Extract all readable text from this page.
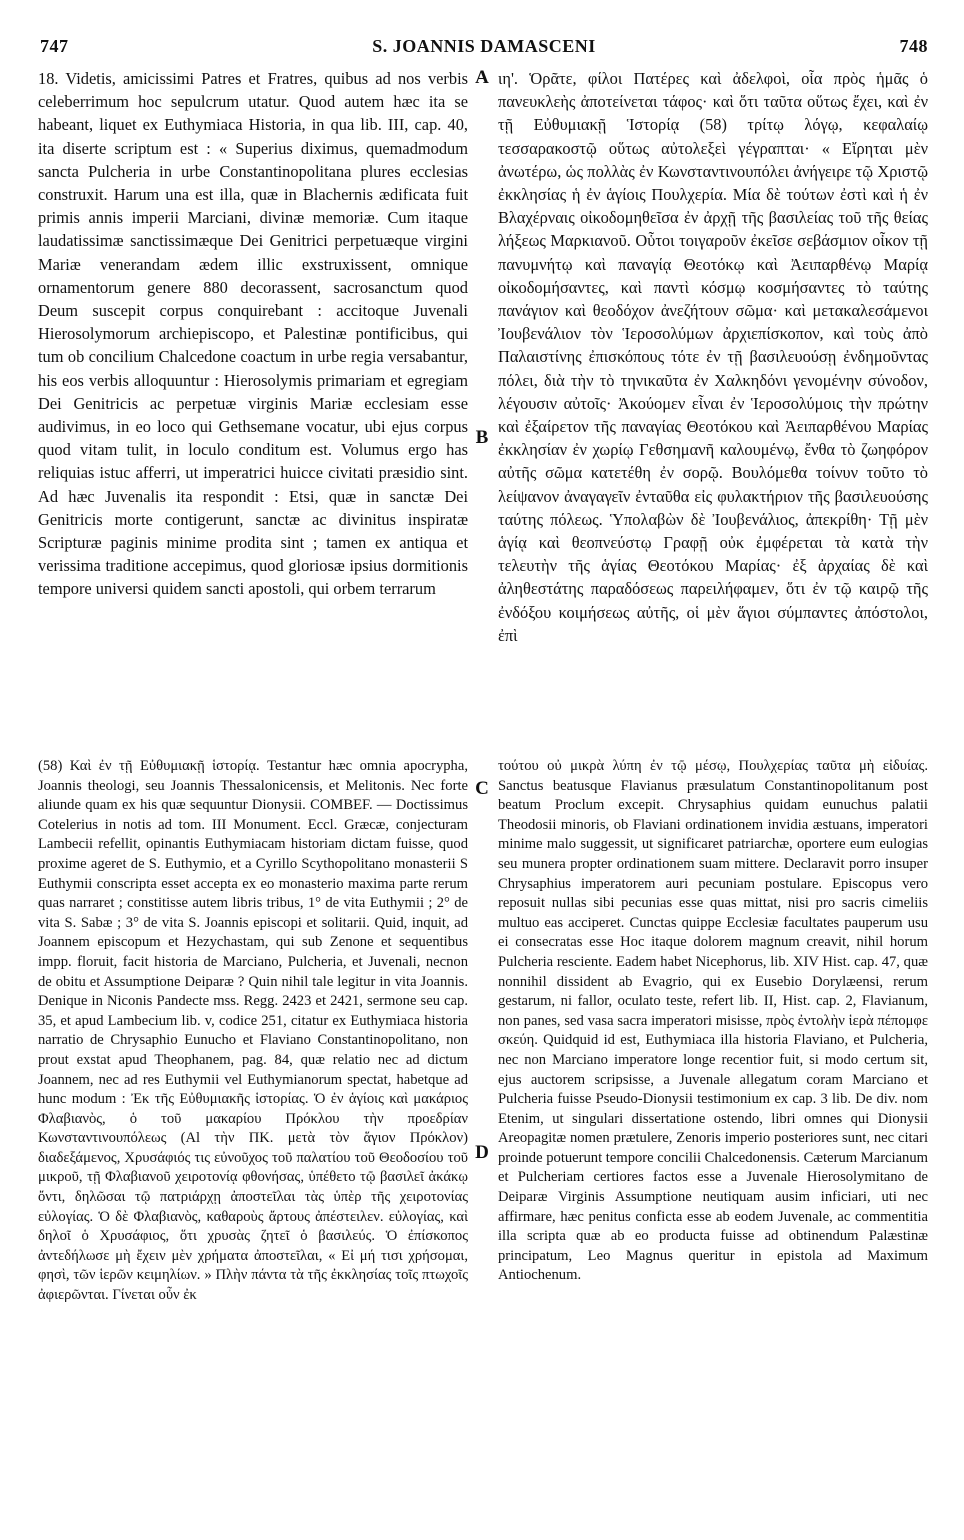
747	S. JOANNIS DAMASCENI	748

18. Videtis, amicissimi Patres et Fratres, quibus ad nos verbis celeberrimum hoc sepulcrum utatur. Quod autem hæc ita se habeant, liquet ex Euthymiaca Historia, in qua lib. III, cap. 40, ita diserte scriptum est : « Superius diximus, quemadmodum sancta Pulcheria in urbe Constantinopolitana plures ecclesias construxit. Harum una est illa, quæ in Blachernis ædificata fuit primis annis imperii Marciani, divinæ memoriæ. Cum itaque laudatissimæ sanctissimæque Dei Genitrici perpetuæque virgini Mariæ venerandam ædem illic exstruxissent, omnique ornamentorum genere 880 decorassent, sacrosanctum quod Deum suscepit corpus conquirebant : accitoque Juvenali Hierosolymorum archiepiscopo, et Palestinæ pontificibus, qui tum ob concilium Chalcedone coactum in urbe regia versabantur, his eos verbis alloquuntur : Hierosolymis primariam et egregiam Dei Genitricis ac perpetuæ virginis Mariæ ecclesiam esse audivimus, in eo loco qui Gethsemane vocatur, ubi ejus corpus quod vitam tulit, in loculo conditum est. Volumus ergo has reliquias istuc afferri, ut imperatrici huicce civitati præsidio sint. Ad hæc Juvenalis ita respondit : Etsi, quæ in sanctæ Dei Genitricis morte contigerunt, sanctæ ac divinitus inspiratæ Scripturæ paginis minime prodita sint ; tamen ex antiqua et verissima traditione accepimus, quod gloriosæ ipsius dormitionis tempore universi quidem sancti apostoli, qui orbem terrarum

ιη'. Ὁρᾶτε, φίλοι Πατέρες καὶ ἀδελφοὶ, οἷα πρὸς ἡμᾶς ὁ πανευκλεὴς ἀποτείνεται τάφος· καὶ ὅτι ταῦτα οὕτως ἔχει, καὶ ἐν τῇ Εὐθυμιακῇ Ἱστορίᾳ (58) τρίτῳ λόγῳ, κεφαλαίῳ τεσσαρακοστῷ οὕτως αὐτολεξεὶ γέγραπται· « Εἴρηται μὲν ἀνωτέρω, ὡς πολλὰς ἐν Κωνσταντινουπόλει ἀνήγειρε τῷ Χριστῷ ἐκκλησίας ἡ ἐν ἁγίοις Πουλχερία. Μία δὲ τούτων ἐστὶ καὶ ἡ ἐν Βλαχέρναις οἰκοδομηθεῖσα ἐν ἀρχῇ τῆς βασιλείας τοῦ τῆς θείας λήξεως Μαρκιανοῦ. Οὗτοι τοιγαροῦν ἐκεῖσε σεβάσμιον οἶκον τῇ πανυμνήτῳ καὶ παναγίᾳ Θεοτόκῳ καὶ Ἀειπαρθένῳ Μαρίᾳ οἰκοδομήσαντες, καὶ παντὶ κόσμῳ κοσμήσαντες τὸ ταύτης πανάγιον καὶ θεοδόχον ἀνεζήτουν σῶμα· καὶ μετακαλεσάμενοι Ἰουβενάλιον τὸν Ἱεροσολύμων ἀρχιεπίσκοπον, καὶ τοὺς ἀπὸ Παλαιστίνης ἐπισκόπους τότε ἐν τῇ βασιλευούσῃ ἐνδημοῦντας πόλει, διὰ τὴν τὸ τηνικαῦτα ἐν Χαλκηδόνι γενομένην σύνοδον, λέγουσιν αὐτοῖς· Ἀκούομεν εἶναι ἐν Ἱεροσολύμοις τὴν πρώτην καὶ ἐξαίρετον τῆς παναγίας Θεοτόκου καὶ Ἀειπαρθένου Μαρίας ἐκκλησίαν ἐν χωρίῳ Γεθσημανῆ καλουμένῳ, ἔνθα τὸ ζωηφόρον αὐτῆς σῶμα κατετέθη ἐν σορῷ. Βουλόμεθα τοίνυν τοῦτο τὸ λείψανον ἀναγαγεῖν ἐνταῦθα εἰς φυλακτήριον τῆς βασιλευούσης ταύτης πόλεως. Ὑπολαβὼν δὲ Ἰουβενάλιος, ἀπεκρίθη· Τῇ μὲν ἁγίᾳ καὶ θεοπνεύστῳ Γραφῇ οὐκ ἐμφέρεται τὰ κατὰ τὴν τελευτὴν τῆς ἁγίας Θεοτόκου Μαρίας· ἐξ ἀρχαίας δὲ καὶ ἀληθεστάτης παραδόσεως παρειλήφαμεν, ὅτι ἐν τῷ καιρῷ τῆς ἐνδόξου κοιμήσεως αὐτῆς, οἱ μὲν ἅγιοι σύμπαντες ἀπόστολοι, ἐπὶ

A
B
C
D

(58) Καὶ ἐν τῇ Εὐθυμιακῇ ἱστορίᾳ. Testantur hæc omnia apocrypha, Joannis theologi, seu Joannis Thessalonicensis, et Melitonis. Nec forte aliunde quam ex his quæ sequuntur Dionysii. COMBEF. — Doctissimus Cotelerius in notis ad tom. III Monument. Eccl. Græcæ, conjecturam Lambecii refellit, opinantis Euthymiacam historiam dictam fuisse, quod proxime ageret de S. Euthymio, et a Cyrillo Scythopolitano monasterii S Euthymii conscripta esset accepta ex eo monasterio maxima parte rerum quas narraret ; constitisse autem libris tribus, 1° de vita Euthymii ; 2° de vita S. Sabæ ; 3° de vita S. Joannis episcopi et solitarii. Quid, inquit, ad Joannem episcopum et Hezychastam, qui sub Zenone et sequentibus impp. floruit, facit historia de Marciano, Pulcheria, et Juvenali, necnon de obitu et Assumptione Deiparæ ? Quin nihil tale legitur in vita Joannis. Denique in Niconis Pandecte mss. Regg. 2423 et 2421, sermone seu cap. 35, et apud Lambecium lib. v, codice 251, citatur ex Euthymiaca historia narratio de Chrysaphio Eunucho et Flaviano Constantinopolitano, non prout exstat apud Theophanem, pag. 84, quæ relatio nec ad dictum Joannem, nec ad res Euthymii vel Euthymianorum spectat, habetque ad hunc modum : Ἐκ τῆς Εὐθυμιακῆς ἱστορίας. Ὁ ἐν ἁγίοις καὶ μακάριος Φλαβιανὸς, ὁ τοῦ μακαρίου Πρόκλου τὴν προεδρίαν Κωνσταντινουπόλεως (Al τὴν ΠΚ. μετὰ τὸν ἅγιον Πρόκλον) διαδεξάμενος, Χρυσάφιός τις εὐνοῦχος τοῦ παλατίου τοῦ Θεοδοσίου τοῦ μικροῦ, τῇ Φλαβιανοῦ χειροτονίᾳ φθονήσας, ὑπέθετο τῷ βασιλεῖ ἀκάκῳ ὄντι, δηλῶσαι τῷ πατριάρχῃ ἀποστεῖλαι τὰς ὑπὲρ τῆς χειροτονίας εὐλογίας. Ὁ δὲ Φλαβιανὸς, καθαροὺς ἄρτους ἀπέστειλεν. εὐλογίας, καὶ δηλοῖ ὁ Χρυσάφιος, ὅτι χρυσὰς ζητεῖ ὁ βασιλεύς. Ὁ ἐπίσκοπος ἀντεδήλωσε μὴ ἔχειν μὲν χρήματα ἀποστεῖλαι, « Εἰ μή τισι χρήσομαι, φησὶ, τῶν ἱερῶν κειμηλίων. » Πλὴν πάντα τὰ τῆς ἐκκλησίας τοῖς πτωχοῖς ἀφιερῶνται. Γίνεται οὖν ἐκ

τούτου οὐ μικρὰ λύπη ἐν τῷ μέσῳ, Πουλχερίας ταῦτα μὴ εἰδυίας. Sanctus beatusque Flavianus præsulatum Constantinopolitanum post beatum Proclum excepit. Chrysaphius quidam eunuchus palatii Theodosii minoris, ob Flaviani ordinationem invidia æstuans, imperatori minime malo suggessit, ut significaret patriarchæ, oportere eum eulogias seu munera propter ordinationem suam mittere. Declaravit porro insuper Chrysaphius imperatorem auri pecuniam postulare. Episcopus vero reposuit nullas sibi pecunias esse quas mittat, nisi pro sacris cimeliis multuo eas acciperet. Cunctas quippe Ecclesiæ facultates pauperum usu ei consecratas esse Hoc itaque dolorem magnum creavit, nihil horum Pulcheria resciente. Eadem habet Nicephorus, lib. XIV Hist. cap. 47, quæ nonnihil dissident ab Evagrio, qui ex Eusebio Dorylæensi, rerum gestarum, ni fallor, oculato teste, refert lib. II, Hist. cap. 2, Flavianum, non panes, sed vasa sacra imperatori misisse, πρὸς ἐντολὴν ἱερὰ πέπομφε σκεύη. Quidquid id est, Euthymiaca illa historia Flaviano, et Pulcheria, nec non Marciano imperatore longe recentior fuit, si modo certum sit, ejus auctorem scripsisse, a Juvenale allegatum coram Marciano et Pulcheria fuisse Pseudo-Dionysii testimonium ex cap. 3 lib. De div. nom Etenim, ut singulari dissertatione ostendo, libri omnes qui Dionysii Areopagitæ nomen prætulere, Zenoris imperio posteriores sunt, nec citari proinde potuerunt tempore concilii Chalcedonensis. Cæterum Marcianum et Pulcheriam certiores factos esse a Juvenale Hierosolymitano de Deiparæ Virginis Assumptione neutiquam ausim inficiari, uti nec affirmare, hæc penitus conficta esse ab eodem Juvenale, ac commentitia illa scripta quæ ab eo producta fuisse ad obtinendum Palæstinæ principatum, Leo Magnus queritur in epistola ad Maximum Antiochenum.
